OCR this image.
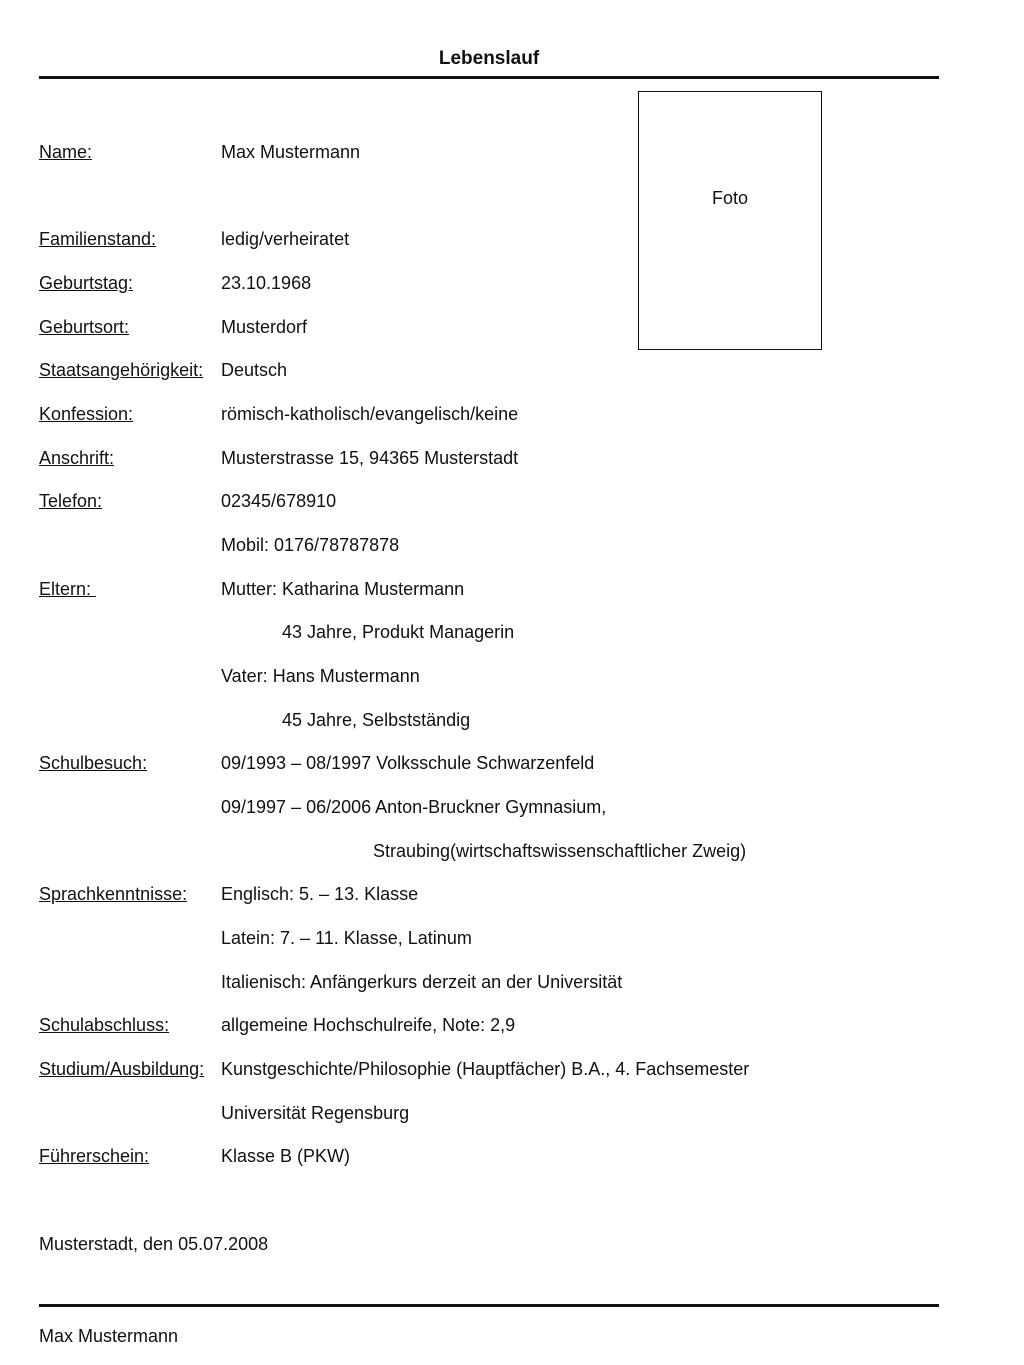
Lebenslauf
Foto
Name:	Max Mustermann
Familienstand:	ledig/verheiratet
Geburtstag:	23.10.1968
Geburtsort:	Musterdorf
Staatsangehörigkeit: Deutsch
Konfession:	römisch-katholisch/evangelisch/keine
Anschrift:	Musterstrasse 15, 94365 Musterstadt
Telefon:	02345/678910
Mobil: 0176/78787878
Eltern:	Mutter: Katharina Mustermann
43 Jahre, Produkt Managerin
Vater: Hans Mustermann
45 Jahre, Selbstständig
Schulbesuch:	09/1993 – 08/1997 Volksschule Schwarzenfeld
09/1997 – 06/2006 Anton-Bruckner Gymnasium,
Straubing(wirtschaftswissenschaftlicher Zweig)
Sprachkenntnisse: Englisch: 5. – 13. Klasse
Latein: 7. – 11. Klasse, Latinum
Italienisch: Anfängerkurs derzeit an der Universität
Schulabschluss:	allgemeine Hochschulreife, Note: 2,9
Studium/Ausbildung: Kunstgeschichte/Philosophie (Hauptfächer) B.A., 4. Fachsemester
Universität Regensburg
Führerschein:	Klasse B (PKW)
Musterstadt, den 05.07.2008
Max Mustermann
